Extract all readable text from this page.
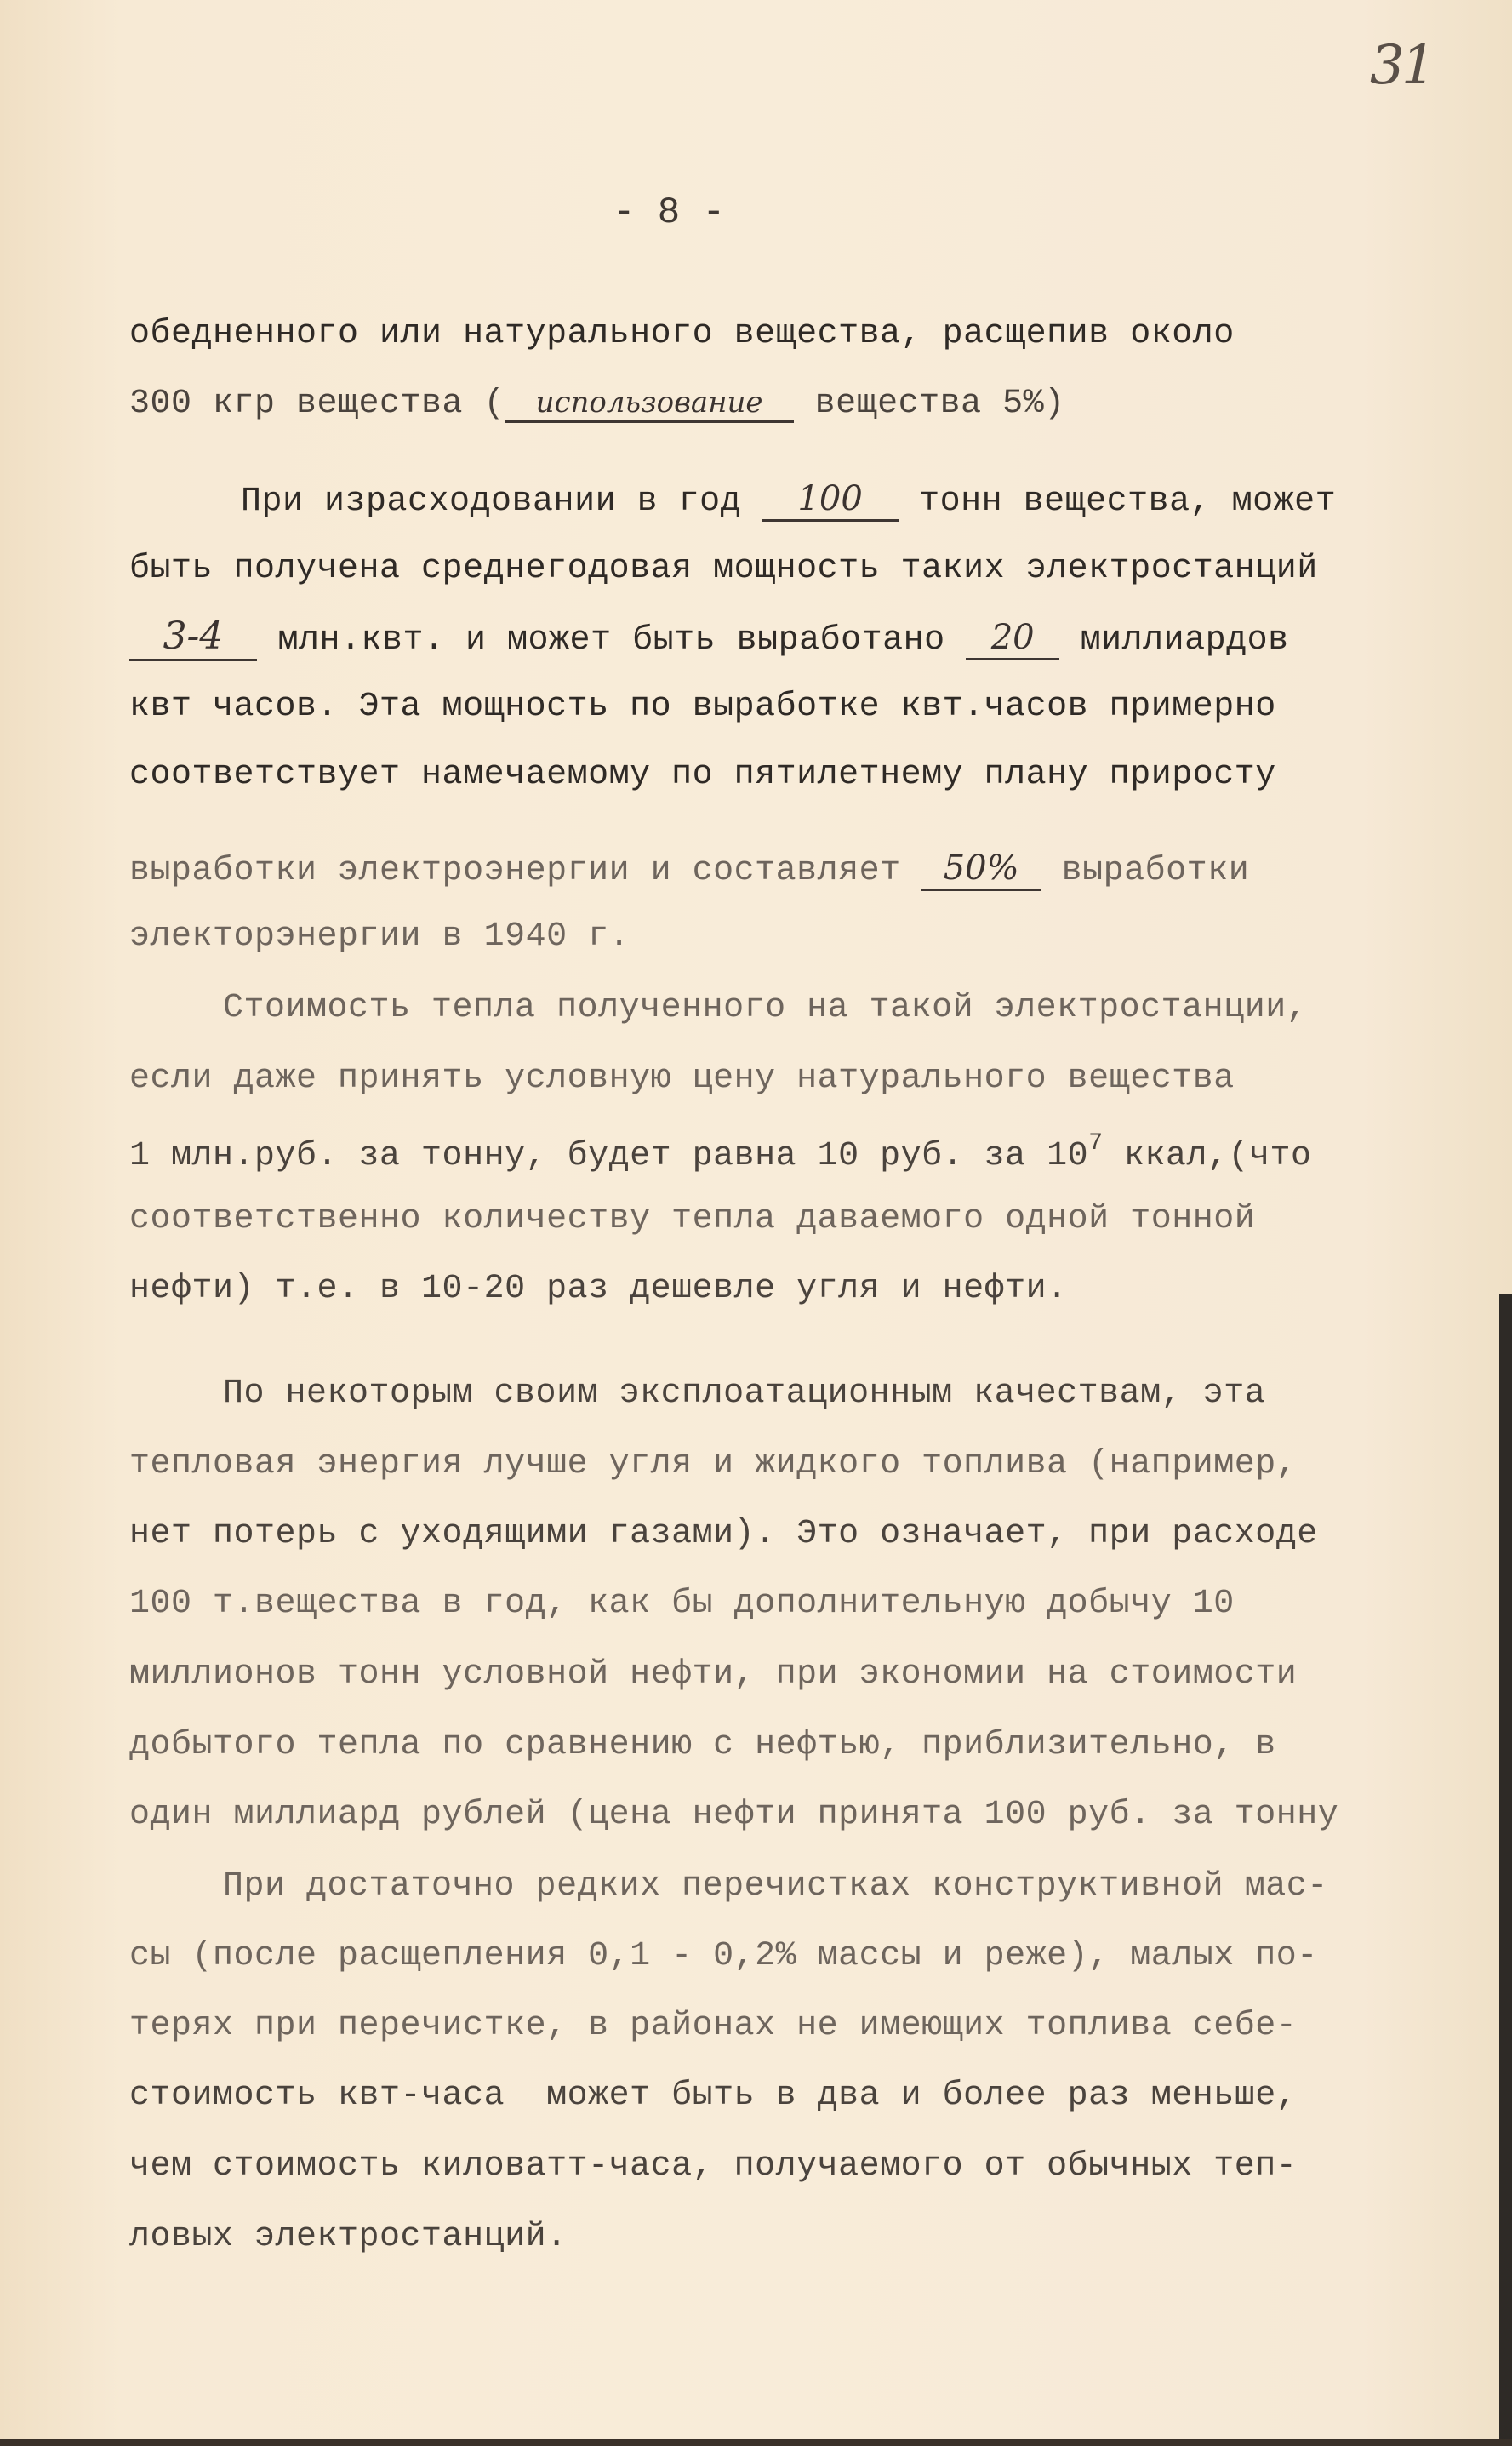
31
- 8 -
обедненного или натурального вещества, расщепив около
300 кгр вещества ( использование вещества 5%)
При израсходовании в год 100 тонн вещества, может
быть получена среднегодовая мощность таких электростанций
3-4 млн.квт. и может быть выработано 20 миллиардов
квт часов. Эта мощность по выработке квт.часов примерно
соответствует намечаемому по пятилетнему плану приросту
выработки электроэнергии и составляет 50% выработки
электорэнергии в 1940 г.
Стоимость тепла полученного на такой электростанции,
если даже принять условную цену натурального вещества
1 млн.руб. за тонну, будет равна 10 руб. за $10^7$ ккал,(что
соответственно количеству тепла даваемого одной тонной
нефти) т.е. в 10-20 раз дешевле угля и нефти.
По некоторым своим эксплоатационным качествам, эта
тепловая энергия лучше угля и жидкого топлива (например,
нет потерь с уходящими газами). Это означает, при расходе
100 т.вещества в год, как бы дополнительную добычу 10
миллионов тонн условной нефти, при экономии на стоимости
добытого тепла по сравнению с нефтью, приблизительно, в
один миллиард рублей (цена нефти принята 100 руб. за тонну
При достаточно редких перечистках конструктивной мас-
сы (после расщепления 0,1 - 0,2% массы и реже), малых по-
терях при перечистке, в районах не имеющих топлива себе-
стоимость квт-часа  может быть в два и более раз меньше,
чем стоимость киловатт-часа, получаемого от обычных теп-
ловых электростанций.
